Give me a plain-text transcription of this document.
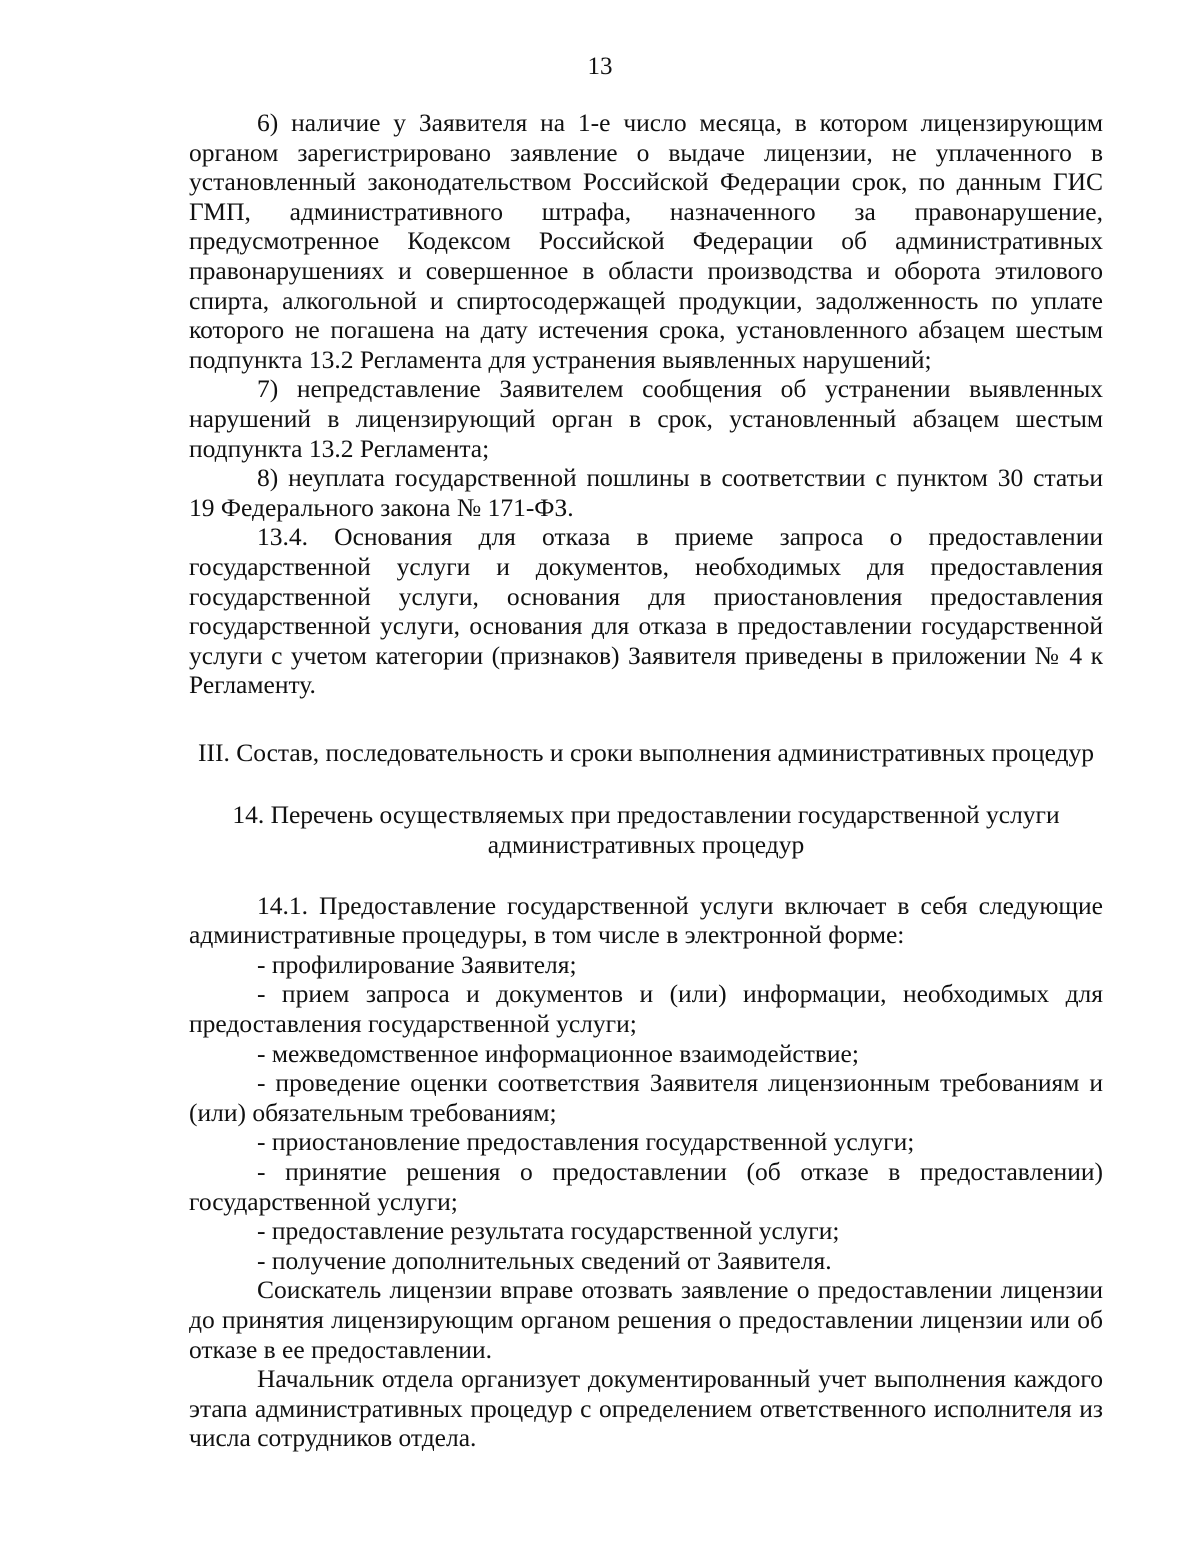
13

6) наличие у Заявителя на 1-е число месяца, в котором лицензирующим органом зарегистрировано заявление о выдаче лицензии, не уплаченного в установленный законодательством Российской Федерации срок, по данным ГИС ГМП, административного штрафа, назначенного за правонарушение, предусмотренное Кодексом Российской Федерации об административных правонарушениях и совершенное в области производства и оборота этилового спирта, алкогольной и спиртосодержащей продукции, задолженность по уплате которого не погашена на дату истечения срока, установленного абзацем шестым подпункта 13.2 Регламента для устранения выявленных нарушений;

7) непредставление Заявителем сообщения об устранении выявленных нарушений в лицензирующий орган в срок, установленный абзацем шестым подпункта 13.2 Регламента;

8) неуплата государственной пошлины в соответствии с пунктом 30 статьи 19 Федерального закона № 171-ФЗ.

13.4. Основания для отказа в приеме запроса о предоставлении государственной услуги и документов, необходимых для предоставления государственной услуги, основания для приостановления предоставления государственной услуги, основания для отказа в предоставлении государственной услуги с учетом категории (признаков) Заявителя приведены в приложении № 4 к Регламенту.

III. Состав, последовательность и сроки выполнения административных процедур
14. Перечень осуществляемых при предоставлении государственной услуги
административных процедур

14.1. Предоставление государственной услуги включает в себя следующие административные процедуры, в том числе в электронной форме:

- профилирование Заявителя;

- прием запроса и документов и (или) информации, необходимых для предоставления государственной услуги;

- межведомственное информационное взаимодействие;

- проведение оценки соответствия Заявителя лицензионным требованиям и (или) обязательным требованиям;

- приостановление предоставления государственной услуги;

- принятие решения о предоставлении (об отказе в предоставлении) государственной услуги;

- предоставление результата государственной услуги;

- получение дополнительных сведений от Заявителя.

Соискатель лицензии вправе отозвать заявление о предоставлении лицензии до принятия лицензирующим органом решения о предоставлении лицензии или об отказе в ее предоставлении.

Начальник отдела организует документированный учет выполнения каждого этапа административных процедур с определением ответственного исполнителя из числа сотрудников отдела.
